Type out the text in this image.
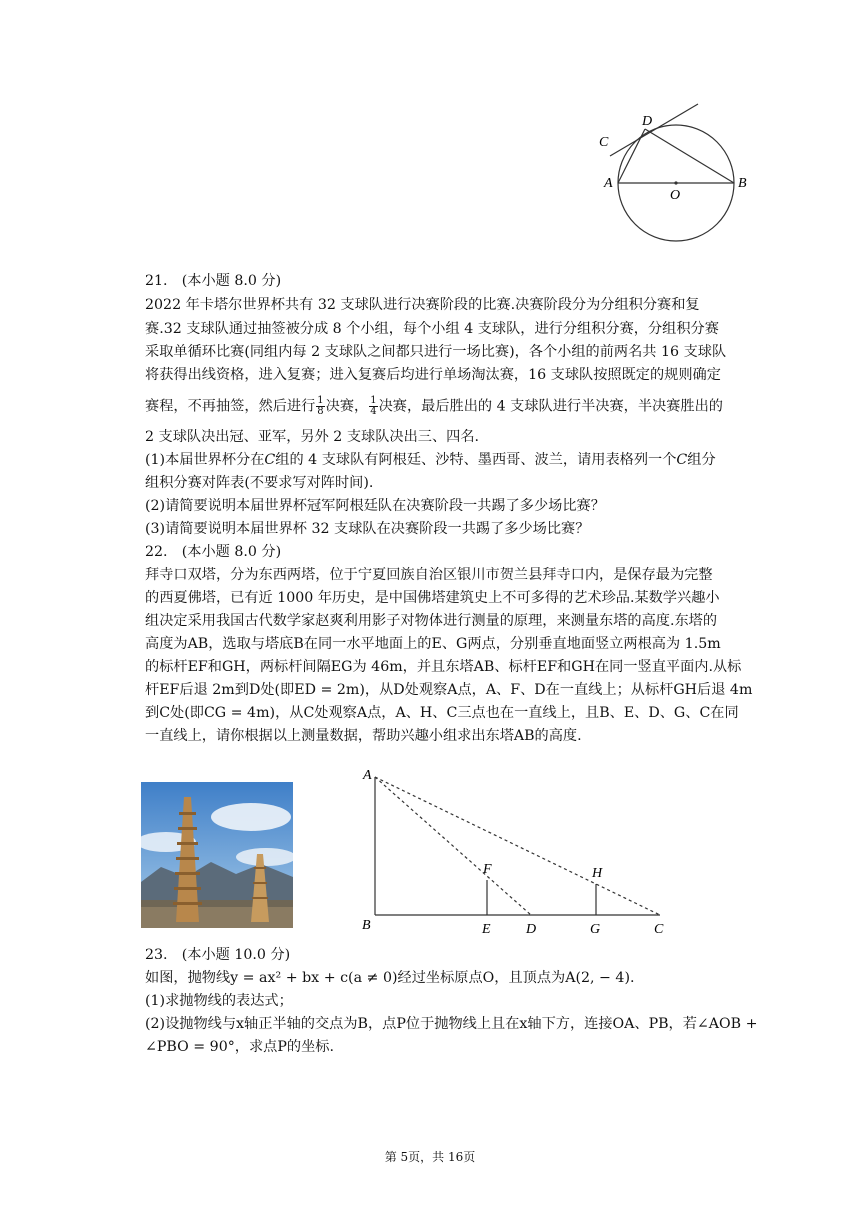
C
D
A
O
B
21.　(本小题 8.0 分)
2022 年卡塔尔世界杯共有 32 支球队进行决赛阶段的比赛.决赛阶段分为分组积分赛和复
赛.32 支球队通过抽签被分成 8 个小组，每个小组 4 支球队，进行分组积分赛，分组积分赛
采取单循环比赛(同组内每 2 支球队之间都只进行一场比赛)，各个小组的前两名共 16 支球队
将获得出线资格，进入复赛；进入复赛后均进行单场淘汰赛，16 支球队按照既定的规则确定
赛程，不再抽签，然后进行 $\frac{1}{8}$ 决赛， $\frac{1}{4}$ 决赛，最后胜出的 4 支球队进行半决赛，半决赛胜出的
2 支球队决出冠、亚军，另外 2 支球队决出三、四名.
(1)本届世界杯分在C组的 4 支球队有阿根廷、沙特、墨西哥、波兰，请用表格列一个C组分
组积分赛对阵表(不要求写对阵时间).
(2)请简要说明本届世界杯冠军阿根廷队在决赛阶段一共踢了多少场比赛？
(3)请简要说明本届世界杯 32 支球队在决赛阶段一共踢了多少场比赛？
22.　(本小题 8.0 分)
拜寺口双塔，分为东西两塔，位于宁夏回族自治区银川市贺兰县拜寺口内，是保存最为完整
的西夏佛塔，已有近 1000 年历史，是中国佛塔建筑史上不可多得的艺术珍品.某数学兴趣小
组决定采用我国古代数学家赵爽利用影子对物体进行测量的原理，来测量东塔的高度.东塔的
高度为AB，选取与塔底B在同一水平地面上的E、G两点，分别垂直地面竖立两根高为 1.5m
的标杆EF和GH，两标杆间隔EG为 46m，并且东塔AB、标杆EF和GH在同一竖直平面内.从标
杆EF后退 2m到D处(即ED = 2m)，从D处观察A点，A、F、D在一直线上；从标杆GH后退 4m
到C处(即CG = 4m)，从C处观察A点，A、H、C三点也在一直线上，且B、E、D、G、C在同
一直线上，请你根据以上测量数据，帮助兴趣小组求出东塔AB的高度.
A
B
F	H
E	D	G	C
23.　(本小题 10.0 分)
如图，抛物线y = ax² + bx + c(a ≠ 0)经过坐标原点O，且顶点为A(2, − 4).
(1)求抛物线的表达式；
(2)设抛物线与x轴正半轴的交点为B，点P位于抛物线上且在x轴下方，连接OA、PB，若∠AOB +
∠PBO = 90°，求点P的坐标.
第 5页，共 16页
